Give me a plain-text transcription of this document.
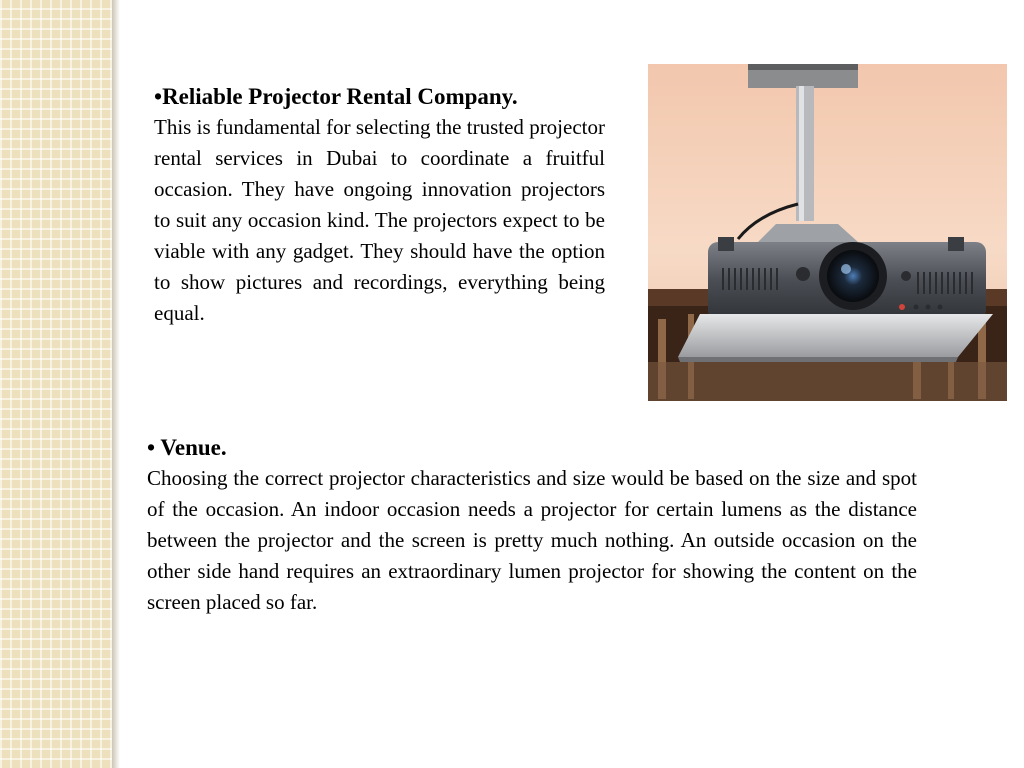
•Reliable Projector Rental Company.
This is fundamental for selecting the trusted projector rental services in Dubai to coordinate a fruitful occasion. They have ongoing innovation projectors to suit any occasion kind. The projectors expect to be viable with any gadget. They should have the option to show pictures and recordings, everything being equal.
• Venue.
Choosing the correct projector characteristics and size would be based on the size and spot of the occasion. An indoor occasion needs a projector for certain lumens as the distance between the projector and the screen is pretty much nothing. An outside occasion on the other side hand requires an extraordinary lumen projector for showing the content on the screen placed so far.
